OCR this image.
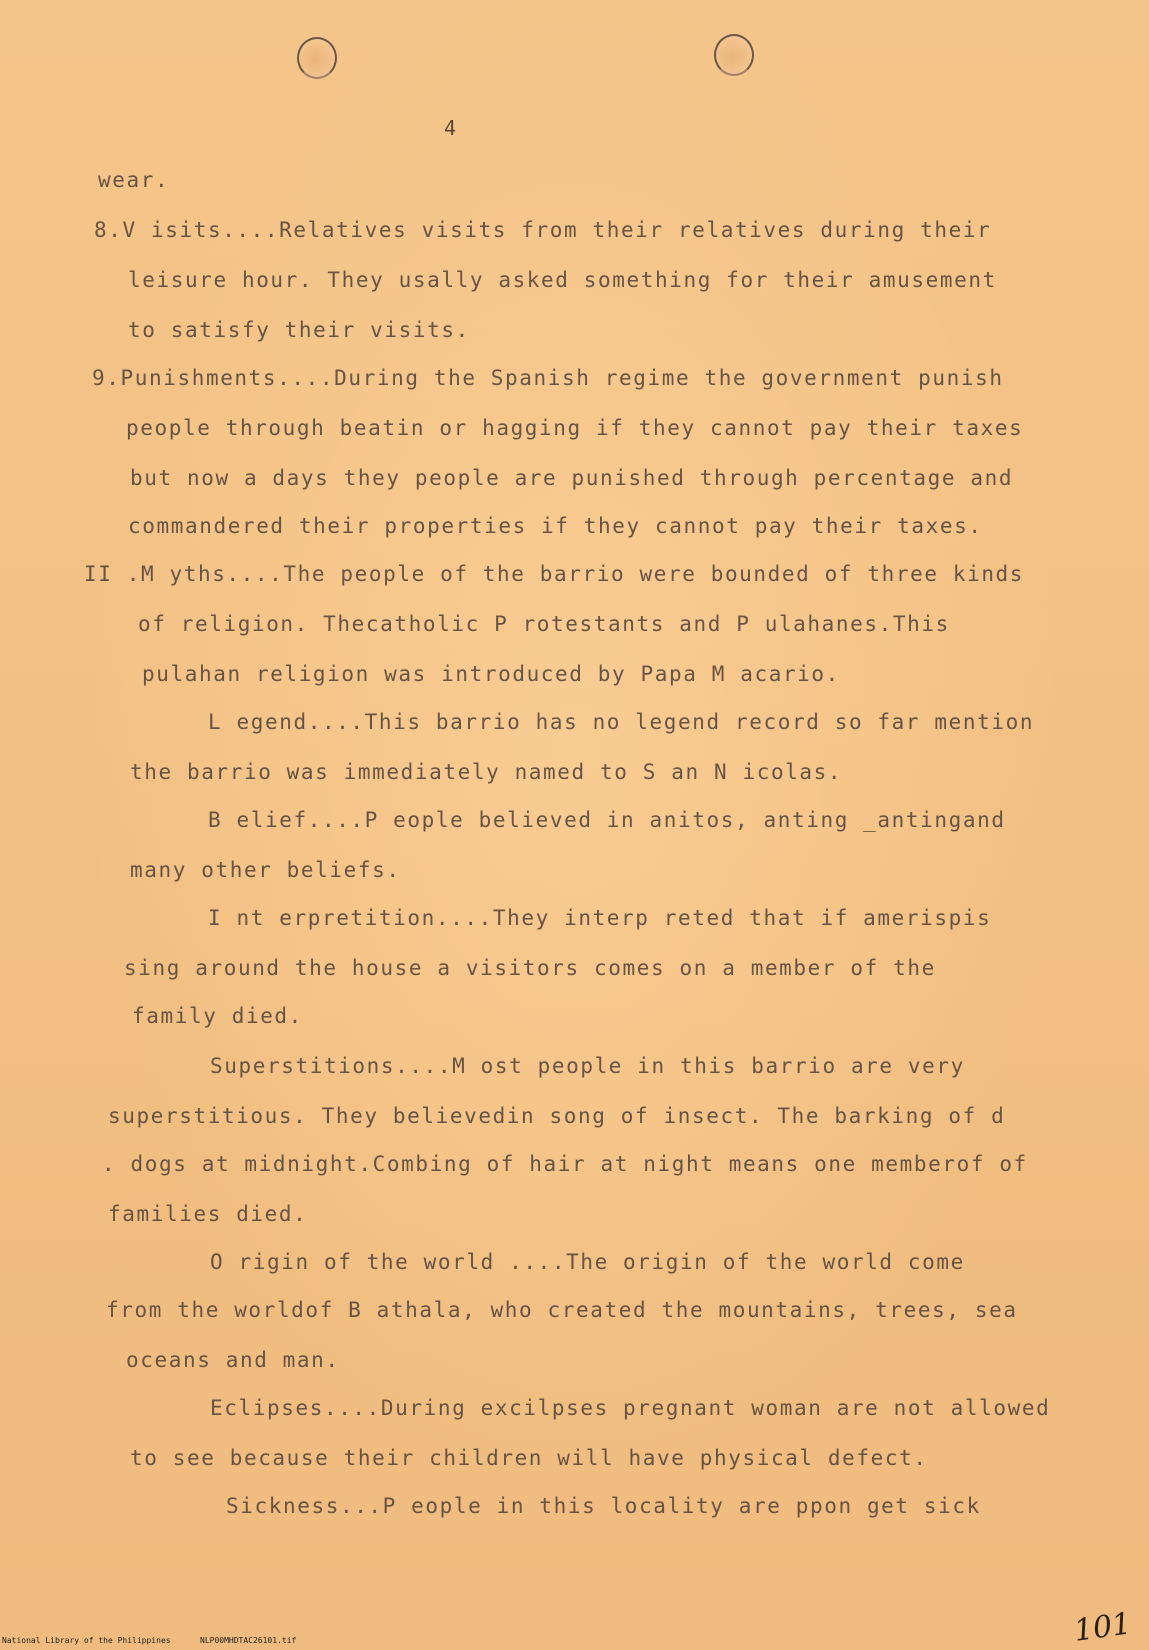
4
wear.
8.V isits....Relatives visits from their relatives during their
leisure hour. They usally asked something for their amusement
to satisfy their visits.
9.Punishments....During the Spanish regime the government punish
people through beatin or hagging if they cannot pay their taxes
but now a days they people are punished through percentage and
commandered their properties if they cannot pay their taxes.
II .M yths....The people of the barrio were bounded of three kinds
of religion. Thecatholic P rotestants and P ulahanes.This
pulahan religion was introduced by Papa M acario.
L egend....This barrio has no legend record so far mention
the barrio was immediately named to S an N icolas.
B elief....P eople believed in anitos, anting _antingand
many other beliefs.
I nt erpretition....They interp reted that if amerispis
sing around the house a visitors comes on a member of the
family died.
Superstitions....M ost people in this barrio are very
superstitious. They believedin song of insect. The barking of d
. dogs at midnight.Combing of hair at night means one memberof of
families died.
O rigin of the world ....The origin of the world come
from the worldof B athala, who created the mountains, trees, sea
oceans and man.
Eclipses....During excilpses pregnant woman are not allowed
to see because their children will have physical defect.
Sickness...P eople in this locality are ppon get sick
101
National Library of the Philippines	NLP00MHDTAC26101.tif
